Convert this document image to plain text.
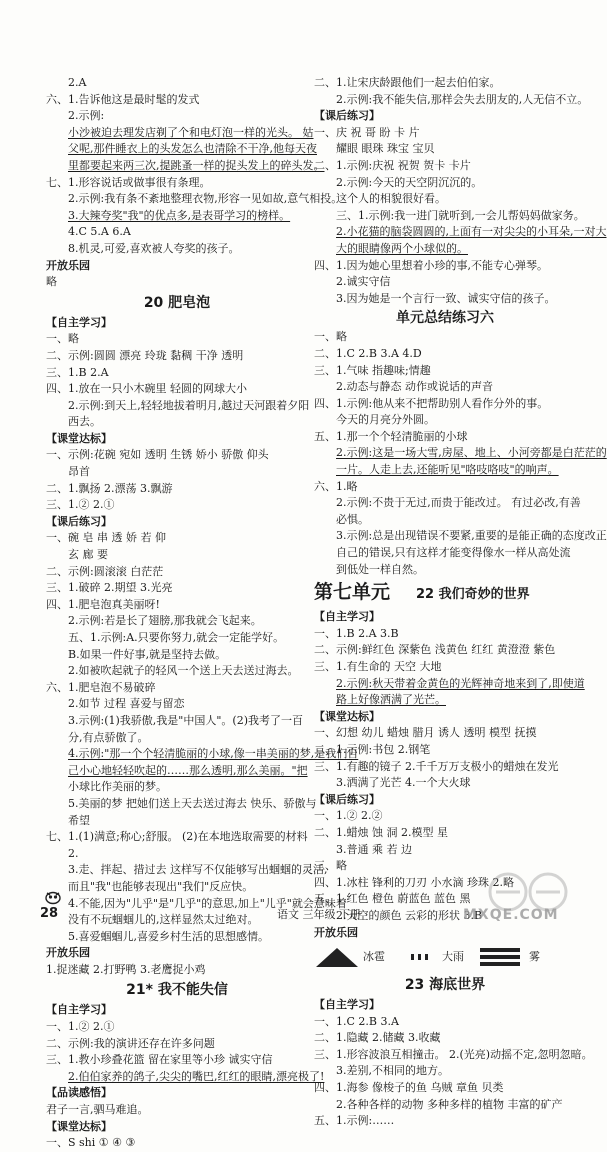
2.A
六、1.告诉他这是最时髦的发式
2.示例:
小沙被迫去理发店剃了个和电灯泡一样的光头。 姑
父呢,那件睡衣上的头发怎么也清除不干净,他每天夜
里都要起来两三次,提跳蚤一样的捉头发上的碎头发。
七、1.形容说话或做事很有条理。
2.示例:我有条不紊地整理衣物,形容一见如故,意气相投。
3.大辣夸奖"我"的优点多,是表哥学习的榜样。
4.C 5.A 6.A
8.机灵,可爱,喜欢被人夸奖的孩子。
开放乐园
略
20 肥皂泡
【 自主学习 】
一、略
二、示例:圆圆 漂亮 玲珑 黏稠 干净 透明
三、1.B 2.A
四、1.放在一只小木碗里 轻圆的网球大小
2.示例:到天上,轻轻地拔着明月,越过天河跟着夕阳
西去。
【 课堂达标 】
一、示例:花碗 宛如 透明 生锈 娇小 骄傲 仰头
昂首
二、1.飘扬 2.漂荡 3.飘游
三、1.② 2.①
【 课后练习 】
一、碗 皂 串 透 娇 若 仰
玄 廊 要
二、示例:圆滚滚 白茫茫
三、1.破碎 2.期望 3.光亮
四、1.肥皂泡真美丽呀!
2.示例:若是长了翅膀,那我就会飞起来。
五、1.示例:A.只要你努力,就会一定能学好。
B.如果一件好事,就是坚持去做。
2.如被吹起就子的轻风一个送上天去送过海去。
六、1.肥皂泡不易破碎
2.如节 过程 喜爱与留恋
3.示例:(1)我骄傲,我是"中国人"。(2)我考了一百
分,有点骄傲了。
4.示例:"那一个个轻清脆丽的小球,像一串美丽的梦,是我们自
己小心地轻轻吹起的……那么透明,那么美丽。"把
小球比作美丽的梦。
5.美丽的梦 把她们送上天去送过海去 快乐、骄傲与
希望
七、1.(1)满意;称心;舒服。 (2)在本地选取需要的材料
2.
3.走、拌起、措过去 这样写不仅能够写出蝈蝈的灵活,
而且"我"也能够表现出"我们"反应快。
4.不能,因为"儿乎"是"几乎"的意思,加上"儿乎"就会意味着
没有不玩蝈蝈儿的,这样显然太过绝对。
5.喜爱蝈蝈儿,喜爱乡村生活的思想感情。
开放乐园
1.捉迷藏 2.打野鸭 3.老鹰捉小鸡
21* 我不能失信
【 自主学习 】
一、1.② 2.①
二、示例:我的演讲还存在许多问题
三、1.教小珍叠花篮 留在家里等小珍 诚实守信
2.伯伯家养的鸽子,尖尖的嘴巴,红红的眼睛,漂亮极了!
【 品读感悟 】
君子一言,驷马难追。
【 课堂达标 】
一、S shi ① ④ ③
二、1.让宋庆龄跟他们一起去伯伯家。
2.示例:我不能失信,那样会失去朋友的,人无信不立。
【 课后练习 】
一、庆 祝 哥 盼 卡 片
耀眼 眼珠 珠宝 宝贝
二、1.示例:庆祝 祝贺 贺卡 卡片
2.示例:今天的天空阴沉沉的。
这个人的相貌很好看。
三、1.示例:我一进门就听到,一会儿帮妈妈做家务。
2.小花猫的脑袋圆圆的,上面有一对尖尖的小耳朵,一对大
大的眼睛像两个小球似的。
四、1.因为她心里想着小珍的事,不能专心弹琴。
2.诚实守信
3.因为她是一个言行一致、诚实守信的孩子。
单元总结练习六
一、略
二、1.C 2.B 3.A 4.D
三、1.气味 指趣味;情趣
2.动态与静态 动作或说话的声音
四、1.示例:他从来不把帮助别人看作分外的事。
今天的月亮分外圆。
五、1.那一个个轻清脆丽的小球
2.示例:这是一场大雪,房屋、地上、小河旁都是白茫茫的
一片。人走上去,还能听见"咯吱咯吱"的响声。
六、1.略
2.示例:不贵于无过,而贵于能改过。 有过必改,有善
必惧。
3.示例:总是出现错误不要紧,重要的是能正确的态度改正
自己的错误,只有这样才能变得像水一样从高处流
到低处一样自然。
第七单元 22 我们奇妙的世界
【 自主学习 】
一、1.B 2.A 3.B
二、示例:鲜红色 深紫色 浅黄色 红红 黄澄澄 紫色
三、1.有生命的 天空 大地
2.示例:秋天带着金黄色的光辉神奇地来到了,即使道
路上好像洒满了光芒。
【 课堂达标 】
一、幻想 幼儿 蜡烛 腊月 诱人 透明 模型 抚摸
二、1.示例:书包 2.钢笔
三、1.有趣的镜子 2.千千万万支极小的蜡烛在发光
3.洒满了光芒 4.一个大火球
【 课后练习 】
一、1.② 2.②
二、1.蜡烛 蚀 洞 2.模型 星
3.普通 乘 若 边
三、略
四、1.冰柱 锋利的刀刃 小水滴 珍珠 2.略
五、1.红色 橙色 蔚蓝色 蓝色 黑
2.天空的颜色 云彩的形状 3.B
开放乐园
冰雹	大雨	雾
23 海底世界
【 自主学习 】
一、1.C 2.B 3.A
二、1.隐藏 2.储藏 3.收藏
三、1.形容波浪互相撞击。 2.(光亮)动摇不定,忽明忽暗。
3.差别,不相同的地方。
四、1.海参 像梭子的鱼 乌贼 章鱼 贝类
2.各种各样的动物 多种多样的植物 丰富的矿产
五、1.示例:……
28	语文 三年级 下册	MXQE.COM
